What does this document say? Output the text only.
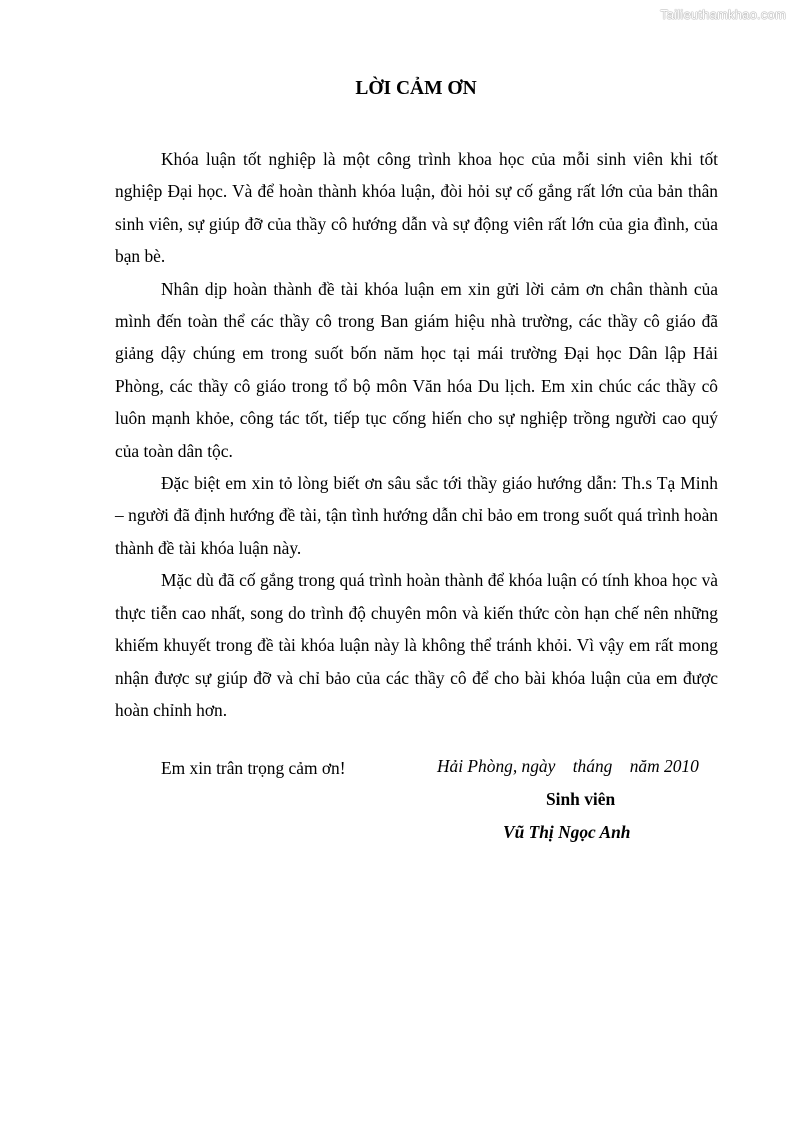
Tailieuthamkhao.com
LỜI CẢM ƠN

Khóa luận tốt nghiệp là một công trình khoa học của mỗi sinh viên khi tốt nghiệp Đại học. Và để hoàn thành khóa luận, đòi hỏi sự cố gắng rất lớn của bản thân sinh viên, sự giúp đỡ của thầy cô hướng dẫn và sự động viên rất lớn của gia đình, của bạn bè.

Nhân dịp hoàn thành đề tài khóa luận em xin gửi lời cảm ơn chân thành của mình đến toàn thể các thầy cô trong Ban giám hiệu nhà trường, các thầy cô giáo đã giảng dậy chúng em trong suốt bốn năm học tại mái trường Đại học Dân lập Hải Phòng, các thầy cô giáo trong tổ bộ môn Văn hóa Du lịch. Em xin chúc các thầy cô luôn mạnh khỏe, công tác tốt, tiếp tục cống hiến cho sự nghiệp trồng người cao quý của toàn dân tộc.

Đặc biệt em xin tỏ lòng biết ơn sâu sắc tới thầy giáo hướng dẫn: Th.s Tạ Minh – người đã định hướng đề tài, tận tình hướng dẫn chỉ bảo em trong suốt quá trình hoàn thành đề tài khóa luận này.

Mặc dù đã cố gắng trong quá trình hoàn thành để khóa luận có tính khoa học và thực tiễn cao nhất, song do trình độ chuyên môn và kiến thức còn hạn chế nên những khiếm khuyết trong đề tài khóa luận này là không thể tránh khỏi. Vì vậy em rất mong nhận được sự giúp đỡ và chỉ bảo của các thầy cô để cho bài khóa luận của em được hoàn chỉnh hơn.

Em xin trân trọng cảm ơn!	Hải Phòng, ngày    tháng    năm 2010

Sinh viên

Vũ Thị Ngọc Anh
